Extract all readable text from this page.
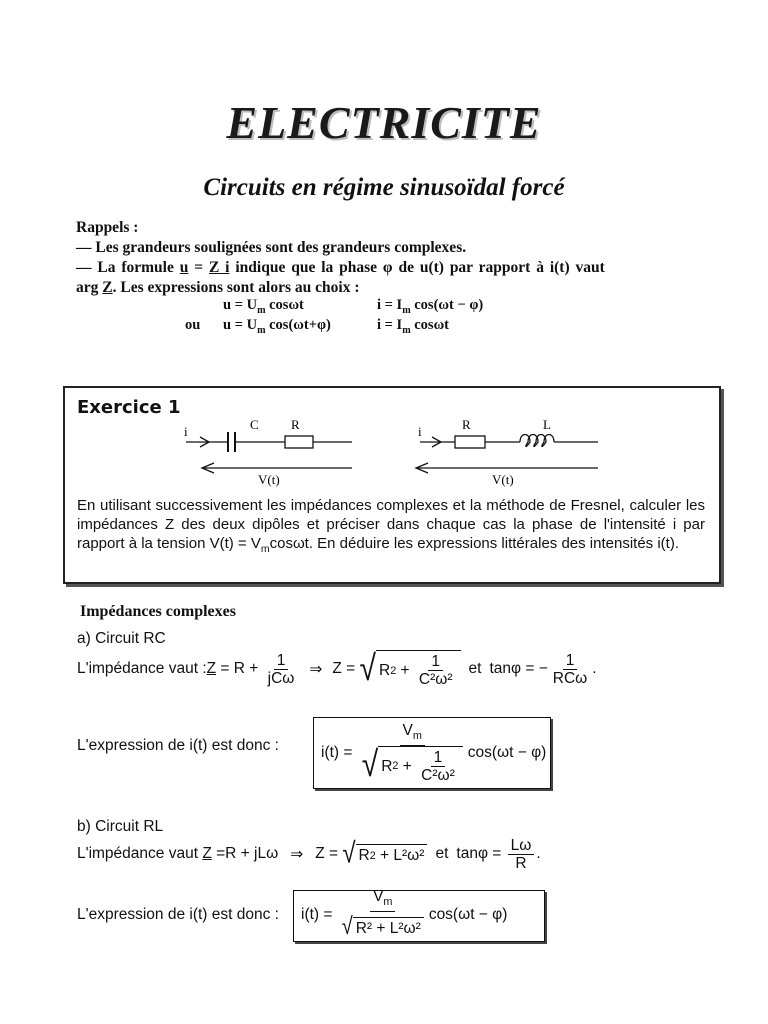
ELECTRICITE
Circuits en régime sinusoïdal forcé
Rappels :
— Les grandeurs soulignées sont des grandeurs complexes.
— La formule u = Z i indique que la phase φ de u(t) par rapport à i(t) vaut
arg Z. Les expressions sont alors au choix :
$u = U_m$ cosωt	$i = I_m$ cos(ωt − φ)
ou $u = U_m$ cos(ωt+φ)	$i = I_m$ cosωt
Exercice 1
i	C R
V(t)
i	R	L
V(t)
En utilisant successivement les impédances complexes et la méthode de Fresnel, calculer les impédances Z des deux dipôles et préciser dans chaque cas la phase de l'intensité i par rapport à la tension $V(t) = V_m\cos\omega t$. En déduire les expressions littérales des intensités i(t).
Impédances complexes
a) Circuit RC
L'impédance vaut : $Z = R + \frac{1}{\text{jCω}}$ ⇒ Z = √ R $2 + \frac{1}{\text{C²ω²}}$ et tanφ = − $\frac{1}{\text{RCω}}$ .
L'expression de i(t) est donc :	$i(t) = \frac{V_m}{√ R 2 + \frac{1}{\text{C²ω²}}} \cos(\omega t - \varphi)$
b) Circuit RL
L'impédance vaut Z =R + jLω ⇒ Z = √ R 2 + L²ω² et $\tan\varphi = \frac{L\omega}{R}$ .
L'expression de i(t) est donc : $i(t) = \frac{V_m}{\text{√ R² + L²ω²}} \cos(\omega t - \varphi)$
